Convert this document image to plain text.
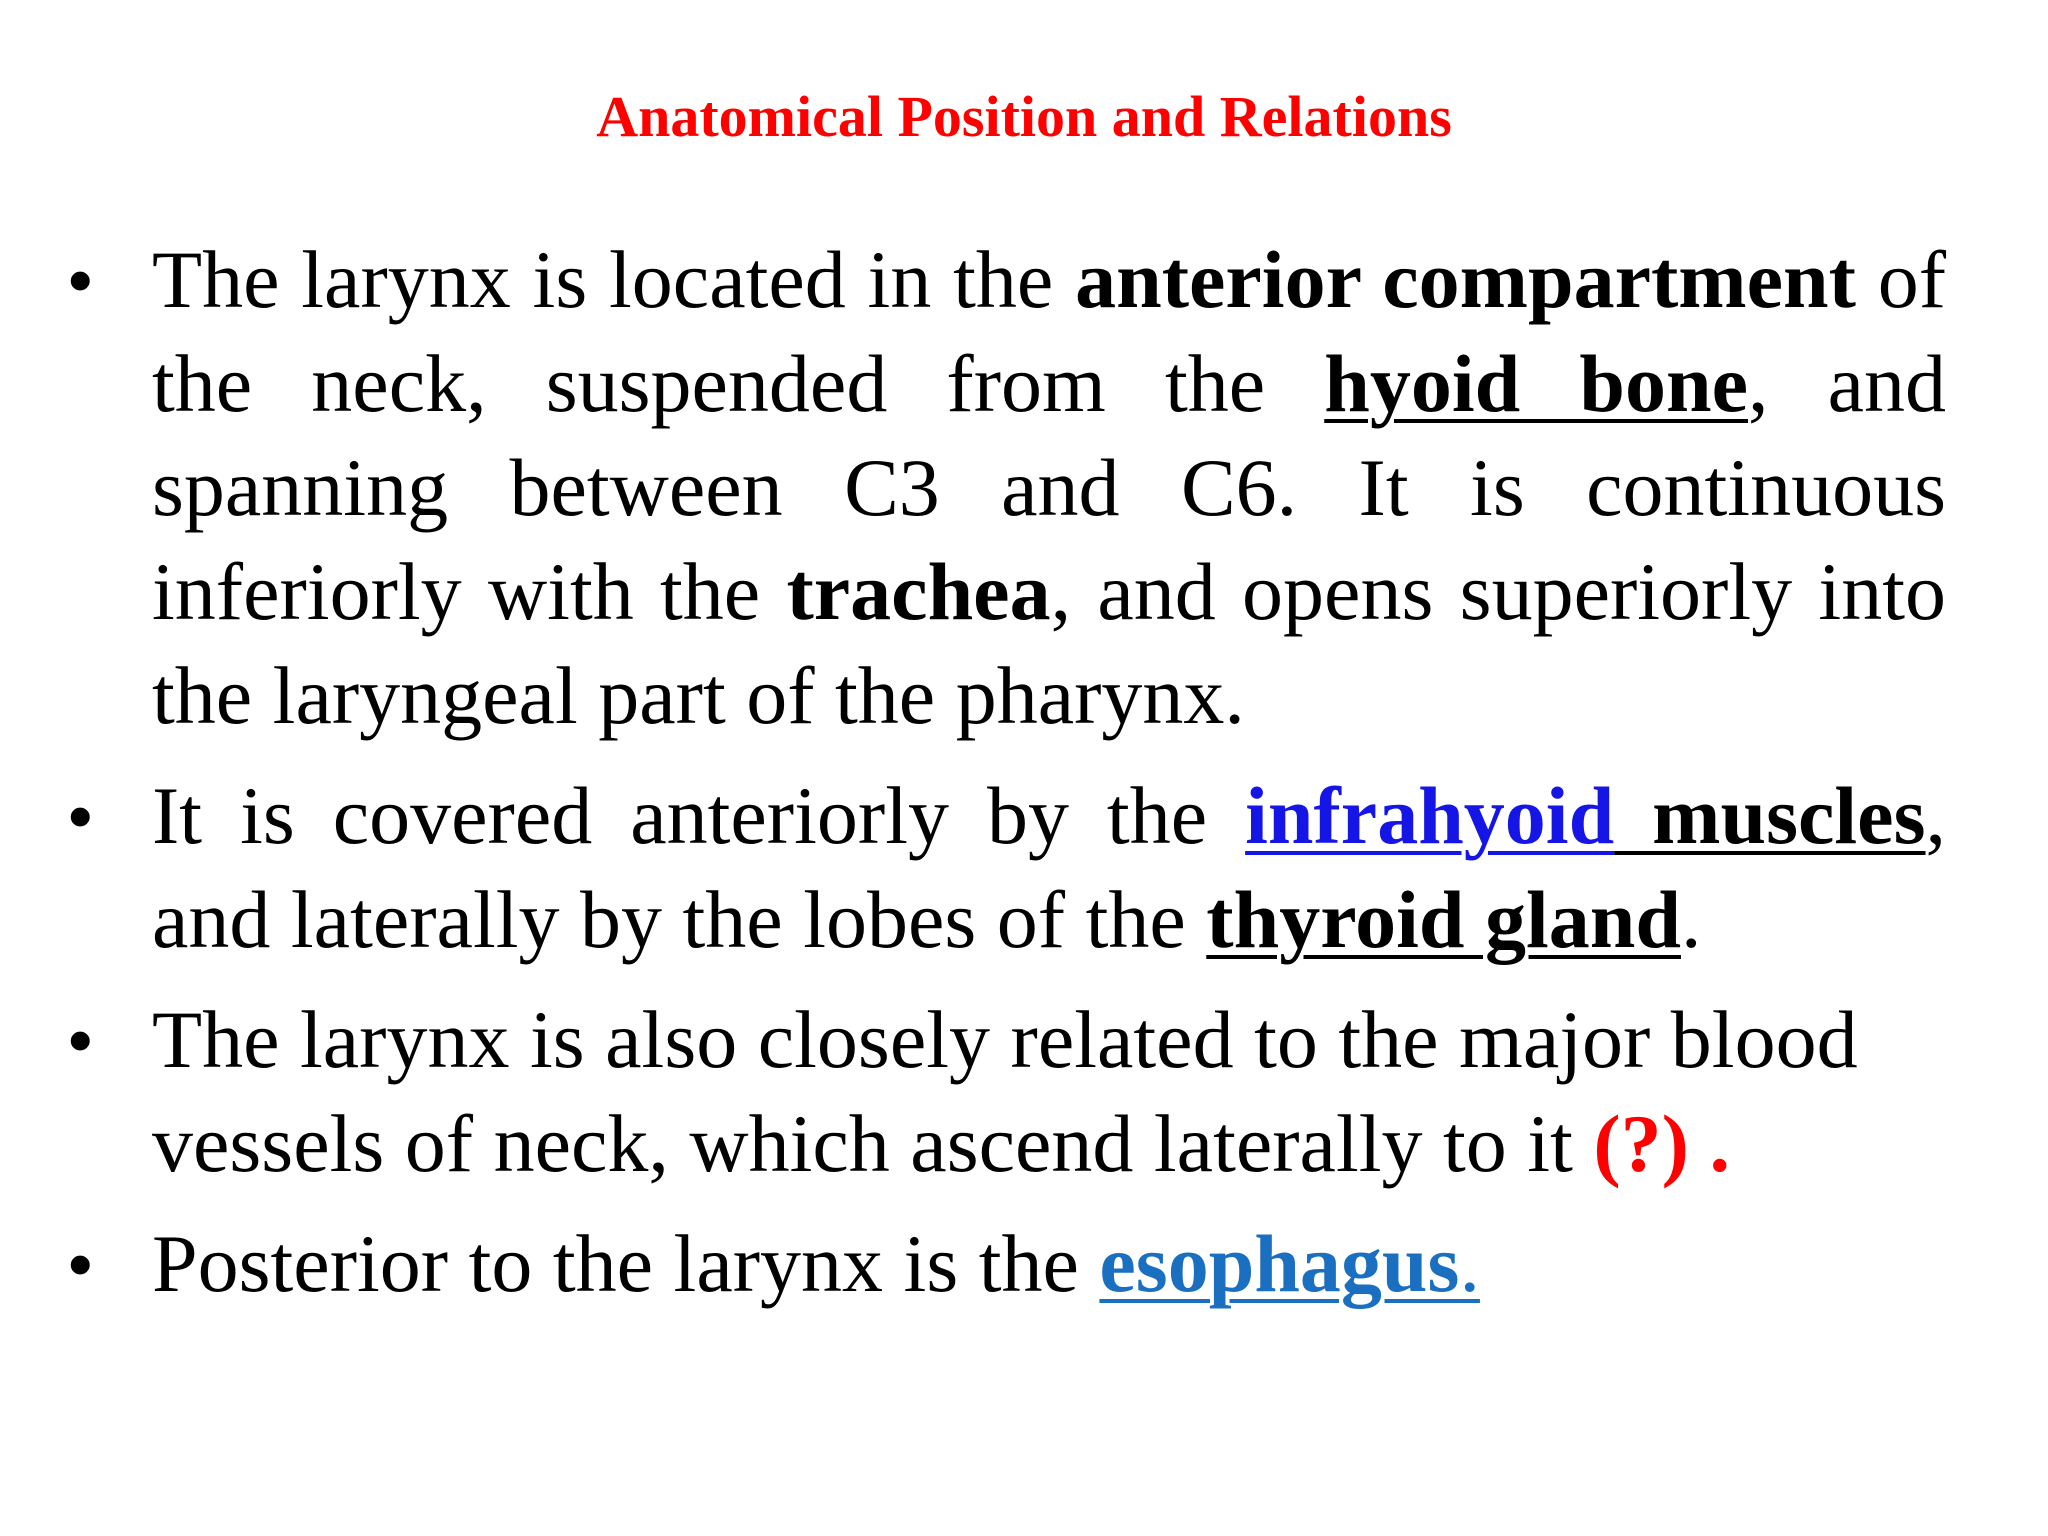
Anatomical Position and Relations
• The larynx is located in the anterior compartment of the neck, suspended from the hyoid bone, and spanning between C3 and C6. It is continuous inferiorly with the trachea, and opens superiorly into the laryngeal part of the pharynx.
• It is covered anteriorly by the infrahyoid muscles, and laterally by the lobes of the thyroid gland.
• The larynx is also closely related to the major blood vessels of neck, which ascend laterally to it (?) .
• Posterior to the larynx is the esophagus.
